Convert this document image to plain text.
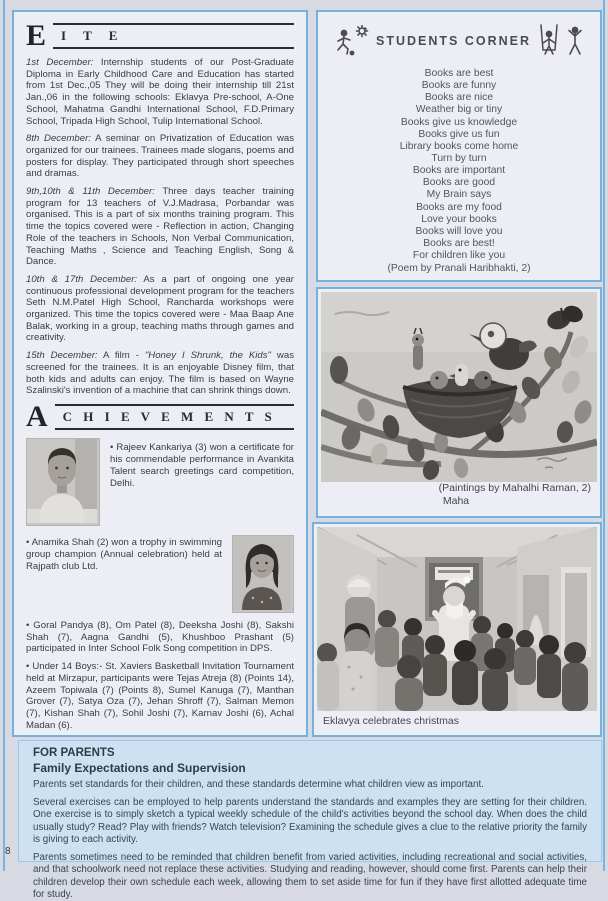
E	I T E

1st December: Internship students of our Post-Graduate Diploma in Early Childhood Care and Education has started from 1st Dec.,05 They will be doing their internship till 21st Jan.,06 in the following schools: Eklavya Pre-school, A-One School, Mahatma Gandhi International School, F.D.Primary School, Tripada High School, Tulip International School.

8th December: A seminar on Privatization of Education was organized for our trainees. Trainees made slogans, poems and posters for display. They participated through short speeches and dramas.

9th,10th & 11th December: Three days teacher training program for 13 teachers of V.J.Madrasa, Porbandar was organised. This is a part of six months training program. This time the topics covered were - Reflection in action, Changing Role of the teachers in Schools, Non Verbal Communication, Teaching Maths , Science and Teaching English, Song & Dance.

10th & 17th December: As a part of ongoing one year continuous professional development program for the teachers Seth N.M.Patel High School, Rancharda workshops were organized. This time the topics covered were - Maa Baap Ane Balak, working in a group, teaching maths through games and creativity.

15th December: A film - "Honey I Shrunk, the Kids" was screened for the trainees. It is an enjoyable Disney film, that both kids and adults can enjoy. The film is based on Wayne Szalinski's invention of a machine that can shrink things down.

A	C H I E V E M E N T S

• Rajeev Kankariya (3) won a certificate for his commendable performance in Avankita Talent search greetings card competition, Delhi.

• Anamika Shah (2) won a trophy in swimming group champion (Annual celebration) held at Rajpath club Ltd.

• Goral Pandya (8), Om Patel (8), Deeksha Joshi (8), Sakshi Shah (7), Aagna Gandhi (5), Khushboo Prashant (5) participated in Inter School Folk Song competition in DPS.

• Under 14 Boys:- St. Xaviers Basketball Invitation Tournament held at Mirzapur, participants were Tejas Atreja (8) (Points 14), Azeem Topiwala (7) (Points 8), Sumel Kanuga (7), Manthan Grover (7), Satya Oza (7), Jehan Shroff (7), Salman Memon (7), Kishan Shah (7), Sohil Joshi (7), Karnav Joshi (6), Achal Madan (6).

STUDENTS CORNER
Books are best
Books are funny
Books are nice
Weather big or tiny
Books give us knowledge
Books give us fun
Library books come home
Turn by turn
Books are important
Books are good
My Brain says
Books are my food
Love your books
Books will love you
Books are best!
For children like you
(Poem by Pranali Haribhakti, 2)
(Paintings by Mahalhi Raman, 2)
Maha
Eklavya celebrates christmas
FOR PARENTS
Family Expectations and Supervision

Parents set standards for their children, and these standards determine what children view as important.

Several exercises can be employed to help parents understand the standards and examples they are setting for their children. One exercise is to simply sketch a typical weekly schedule of the child's activities beyond the school day. When does the child usually study? Read? Play with friends? Watch television? Examining the schedule gives a clue to the relative priority the family is giving to each activity.

Parents sometimes need to be reminded that children benefit from varied activities, including recreational and social activities, and that schoolwork need not replace these activities. Studying and reading, however, should come first. Parents can help their children develop their own schedule each week, allowing them to set aside time for fun if they have first allotted adequate time for study.

8
